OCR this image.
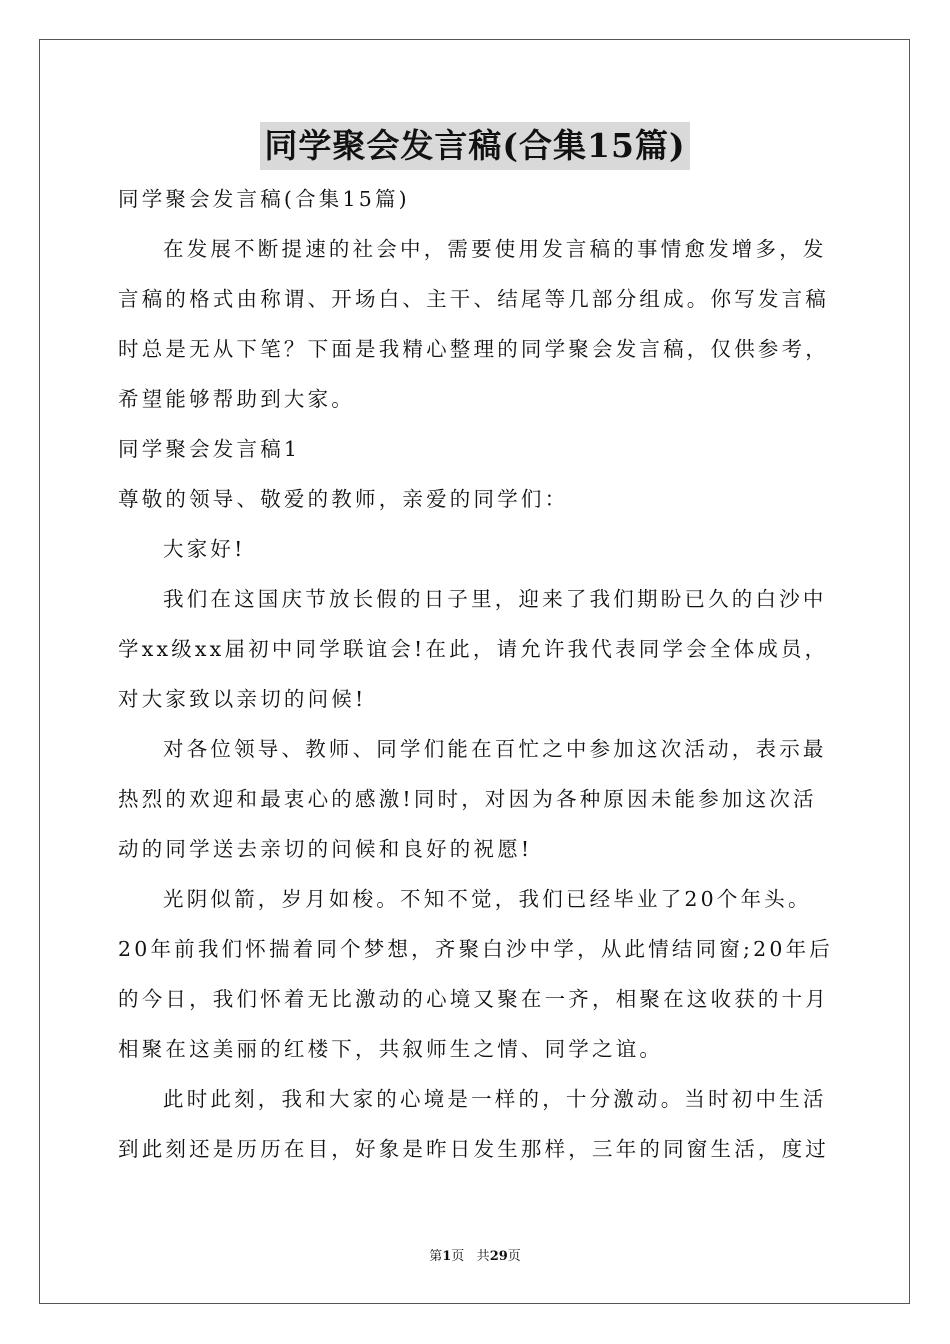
同学聚会发言稿(合集15篇)
同学聚会发言稿(合集15篇)
在发展不断提速的社会中，需要使用发言稿的事情愈发增多，发
言稿的格式由称谓、开场白、主干、结尾等几部分组成。你写发言稿
时总是无从下笔？下面是我精心整理的同学聚会发言稿，仅供参考，
希望能够帮助到大家。
同学聚会发言稿1
尊敬的领导、敬爱的教师，亲爱的同学们：
大家好!
我们在这国庆节放长假的日子里，迎来了我们期盼已久的白沙中
学xx级xx届初中同学联谊会!在此，请允许我代表同学会全体成员，
对大家致以亲切的问候!
对各位领导、教师、同学们能在百忙之中参加这次活动，表示最
热烈的欢迎和最衷心的感激!同时，对因为各种原因未能参加这次活
动的同学送去亲切的问候和良好的祝愿!
光阴似箭，岁月如梭。不知不觉，我们已经毕业了20个年头。
20年前我们怀揣着同个梦想，齐聚白沙中学，从此情结同窗;20年后
的今日，我们怀着无比激动的心境又聚在一齐，相聚在这收获的十月
相聚在这美丽的红楼下，共叙师生之情、同学之谊。
此时此刻，我和大家的心境是一样的，十分激动。当时初中生活
到此刻还是历历在目，好象是昨日发生那样，三年的同窗生活，度过
第1页 共29页
